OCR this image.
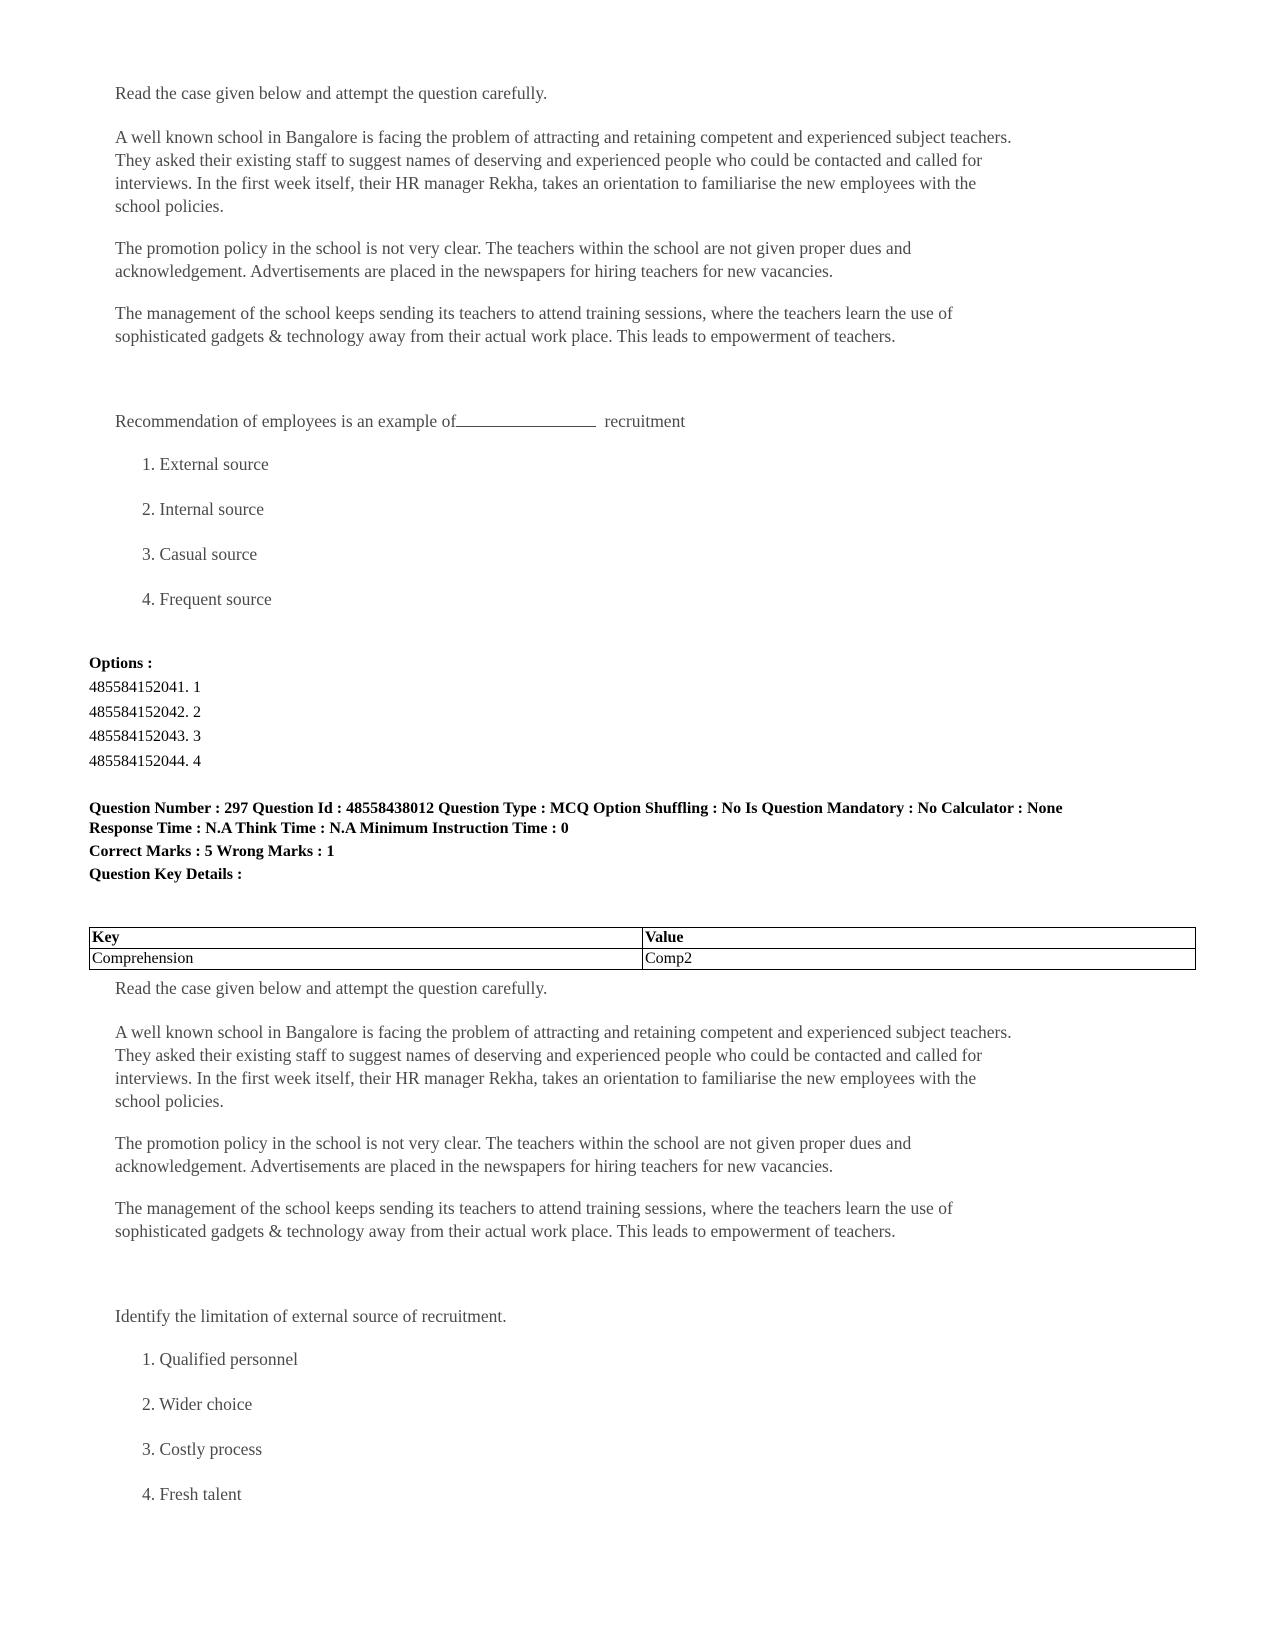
Read the case given below and attempt the question carefully.

A well known school in Bangalore is facing the problem of attracting and retaining competent and experienced subject teachers. They asked their existing staff to suggest names of deserving and experienced people who could be contacted and called for interviews. In the first week itself, their HR manager Rekha, takes an orientation to familiarise the new employees with the school policies.

The promotion policy in the school is not very clear. The teachers within the school are not given proper dues and acknowledgement. Advertisements are placed in the newspapers for hiring teachers for new vacancies.

The management of the school keeps sending its teachers to attend training sessions, where the teachers learn the use of sophisticated gadgets & technology away from their actual work place. This leads to empowerment of teachers.

Recommendation of employees is an example of	recruitment

1. External source
2. Internal source
3. Casual source
4. Frequent source
Options :
485584152041. 1
485584152042. 2
485584152043. 3
485584152044. 4
Question Number : 297 Question Id : 48558438012 Question Type : MCQ Option Shuffling : No Is Question Mandatory : No Calculator : None
Response Time : N.A Think Time : N.A Minimum Instruction Time : 0
Correct Marks : 5 Wrong Marks : 1
Question Key Details :
Key	Value
Comprehension	Comp2

Read the case given below and attempt the question carefully.

A well known school in Bangalore is facing the problem of attracting and retaining competent and experienced subject teachers. They asked their existing staff to suggest names of deserving and experienced people who could be contacted and called for interviews. In the first week itself, their HR manager Rekha, takes an orientation to familiarise the new employees with the school policies.

The promotion policy in the school is not very clear. The teachers within the school are not given proper dues and acknowledgement. Advertisements are placed in the newspapers for hiring teachers for new vacancies.

The management of the school keeps sending its teachers to attend training sessions, where the teachers learn the use of sophisticated gadgets & technology away from their actual work place. This leads to empowerment of teachers.

Identify the limitation of external source of recruitment.

1. Qualified personnel
2. Wider choice
3. Costly process
4. Fresh talent
